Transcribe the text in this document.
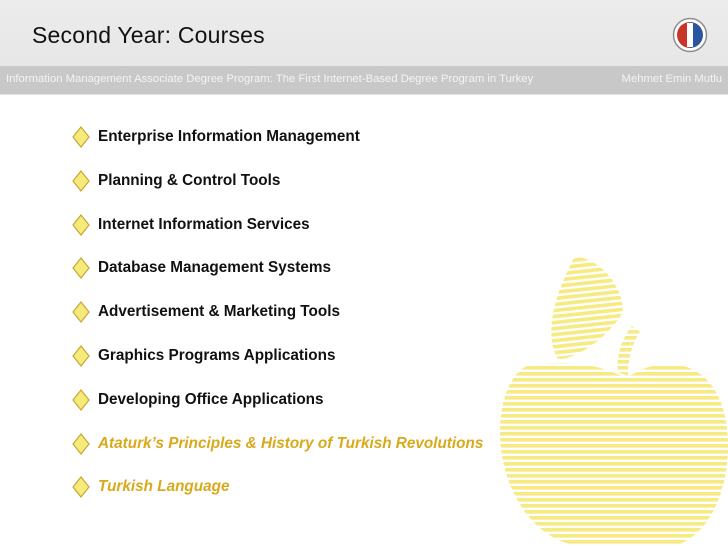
Second Year: Courses
Information Management Associate Degree Program: The First Internet-Based Degree Program in Turkey	Mehmet Emin Mutlu
Enterprise Information Management
Planning & Control Tools
Internet Information Services
Database Management Systems
Advertisement & Marketing Tools
Graphics Programs Applications
Developing Office Applications
Ataturk’s Principles & History of Turkish Revolutions
Turkish Language
